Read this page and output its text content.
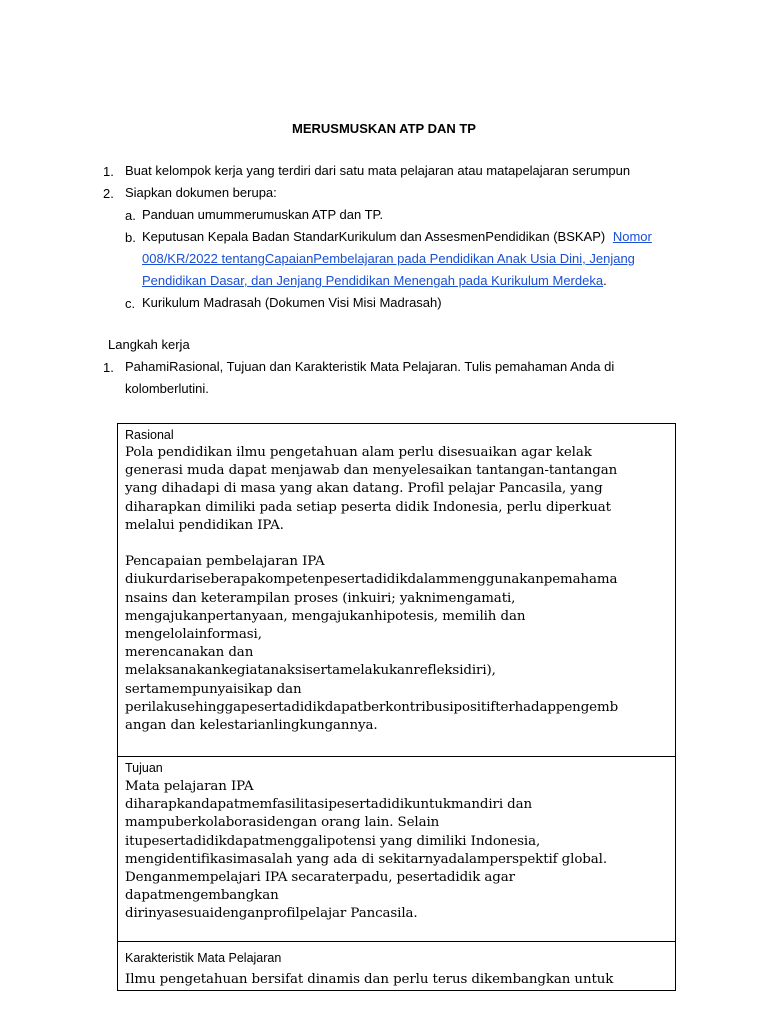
MERUSMUSKAN ATP DAN TP
1. Buat kelompok kerja yang terdiri dari satu mata pelajaran atau matapelajaran serumpun
2. Siapkan dokumen berupa:
a. Panduan umummerumuskan ATP dan TP.
b. Keputusan Kepala Badan StandarKurikulum dan AssesmenPendidikan (BSKAP) Nomor
008/KR/2022 tentangCapaianPembelajaran pada Pendidikan Anak Usia Dini, Jenjang
Pendidikan Dasar, dan Jenjang Pendidikan Menengah pada Kurikulum Merdeka.
c. Kurikulum Madrasah (Dokumen Visi Misi Madrasah)
Langkah kerja
1. PahamiRasional, Tujuan dan Karakteristik Mata Pelajaran. Tulis pemahaman Anda di
kolomberlutini.
Rasional
Pola pendidikan ilmu pengetahuan alam perlu disesuaikan agar kelak
generasi muda dapat menjawab dan menyelesaikan tantangan-tantangan
yang dihadapi di masa yang akan datang. Profil pelajar Pancasila, yang
diharapkan dimiliki pada setiap peserta didik Indonesia, perlu diperkuat
melalui pendidikan IPA.

Pencapaian pembelajaran IPA
diukurdariseberapakompetenpesertadidikdalammenggunakanpemahama
nsains dan keterampilan proses (inkuiri; yaknimengamati,
mengajukanpertanyaan, mengajukanhipotesis, memilih dan
mengelolainformasi,
merencanakan dan
melaksanakankegiatanaksisertamelakukanrefleksidiri),
sertamempunyaisikap dan
perilakusehinggapesertadidikdapatberkontribusipositifterhadappengemb
angan dan kelestarianlingkungannya.
Tujuan
Mata pelajaran IPA
diharapkandapatmemfasilitasipesertadidikuntukmandiri dan
mampuberkolaborasidengan orang lain. Selain
itupesertadidikdapatmenggalipotensi yang dimiliki Indonesia,
mengidentifikasimasalah yang ada di sekitarnyadalamperspektif global.
Denganmempelajari IPA secaraterpadu, pesertadidik agar
dapatmengembangkan
dirinyasesuaidenganprofilpelajar Pancasila.
Karakteristik Mata Pelajaran
Ilmu pengetahuan bersifat dinamis dan perlu terus dikembangkan untuk
